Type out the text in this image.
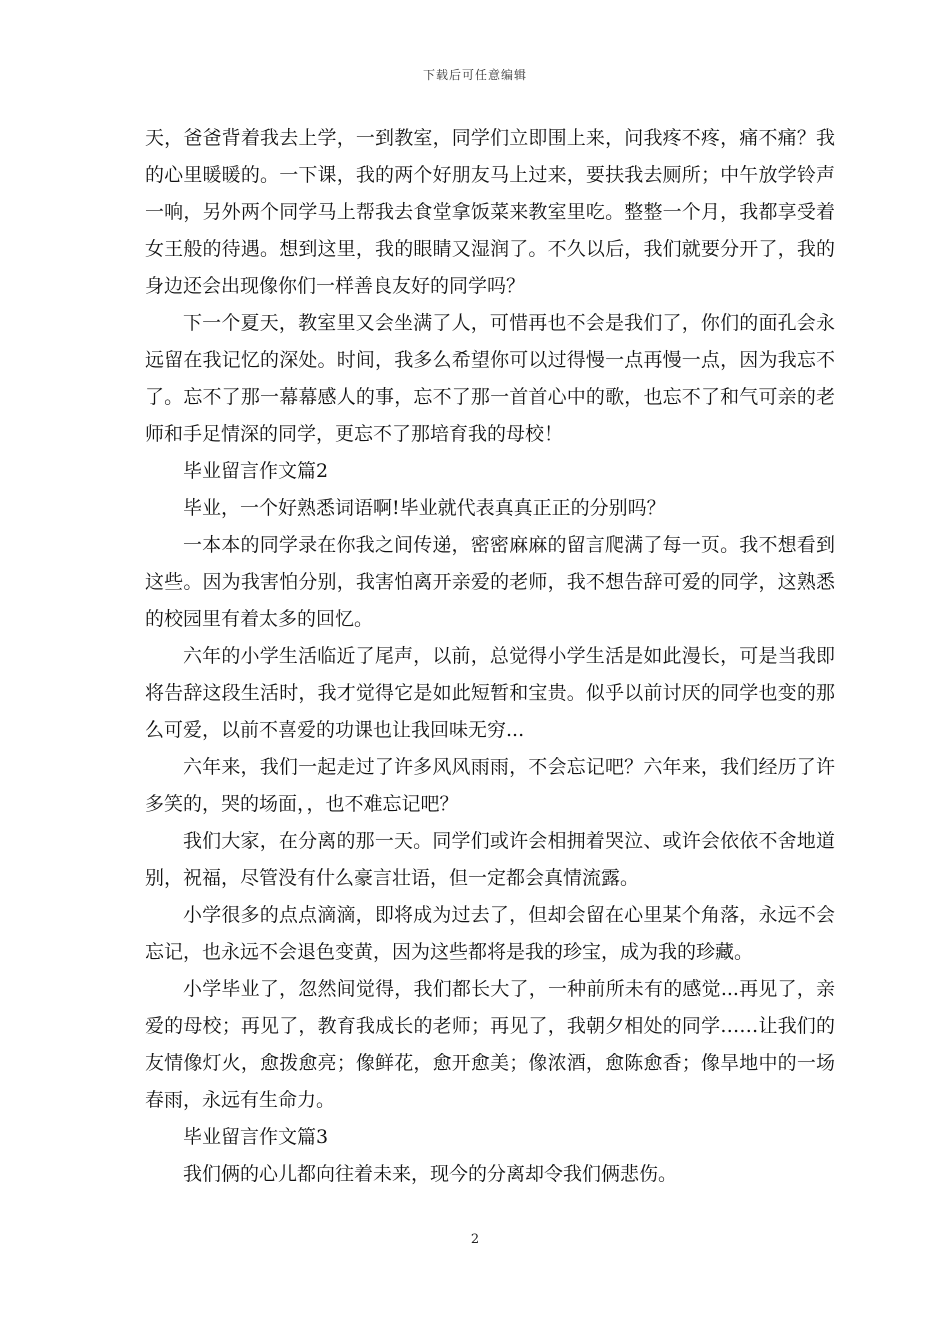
下载后可任意编辑

天，爸爸背着我去上学，一到教室，同学们立即围上来，问我疼不疼，痛不痛？我的心里暖暖的。一下课，我的两个好朋友马上过来，要扶我去厕所；中午放学铃声一响，另外两个同学马上帮我去食堂拿饭菜来教室里吃。整整一个月，我都享受着女王般的待遇。想到这里，我的眼睛又湿润了。不久以后，我们就要分开了，我的身边还会出现像你们一样善良友好的同学吗？

下一个夏天，教室里又会坐满了人，可惜再也不会是我们了，你们的面孔会永远留在我记忆的深处。时间，我多么希望你可以过得慢一点再慢一点，因为我忘不了。忘不了那一幕幕感人的事，忘不了那一首首心中的歌，也忘不了和气可亲的老师和手足情深的同学，更忘不了那培育我的母校！

毕业留言作文篇2

毕业，一个好熟悉词语啊!毕业就代表真真正正的分别吗？

一本本的同学录在你我之间传递，密密麻麻的留言爬满了每一页。我不想看到这些。因为我害怕分别，我害怕离开亲爱的老师，我不想告辞可爱的同学，这熟悉的校园里有着太多的回忆。

六年的小学生活临近了尾声，以前，总觉得小学生活是如此漫长，可是当我即将告辞这段生活时，我才觉得它是如此短暂和宝贵。似乎以前讨厌的同学也变的那么可爱，以前不喜爱的功课也让我回味无穷...

六年来，我们一起走过了许多风风雨雨，不会忘记吧？六年来，我们经历了许多笑的，哭的场面，，也不难忘记吧？

我们大家，在分离的那一天。同学们或许会相拥着哭泣、或许会依依不舍地道别，祝福，尽管没有什么豪言壮语，但一定都会真情流露。

小学很多的点点滴滴，即将成为过去了，但却会留在心里某个角落，永远不会忘记，也永远不会退色变黄，因为这些都将是我的珍宝，成为我的珍藏。

小学毕业了，忽然间觉得，我们都长大了，一种前所未有的感觉...再见了，亲爱的母校；再见了，教育我成长的老师；再见了，我朝夕相处的同学……让我们的友情像灯火，愈拨愈亮；像鲜花，愈开愈美；像浓酒，愈陈愈香；像旱地中的一场春雨，永远有生命力。

毕业留言作文篇3

我们俩的心儿都向往着未来，现今的分离却令我们俩悲伤。

2
